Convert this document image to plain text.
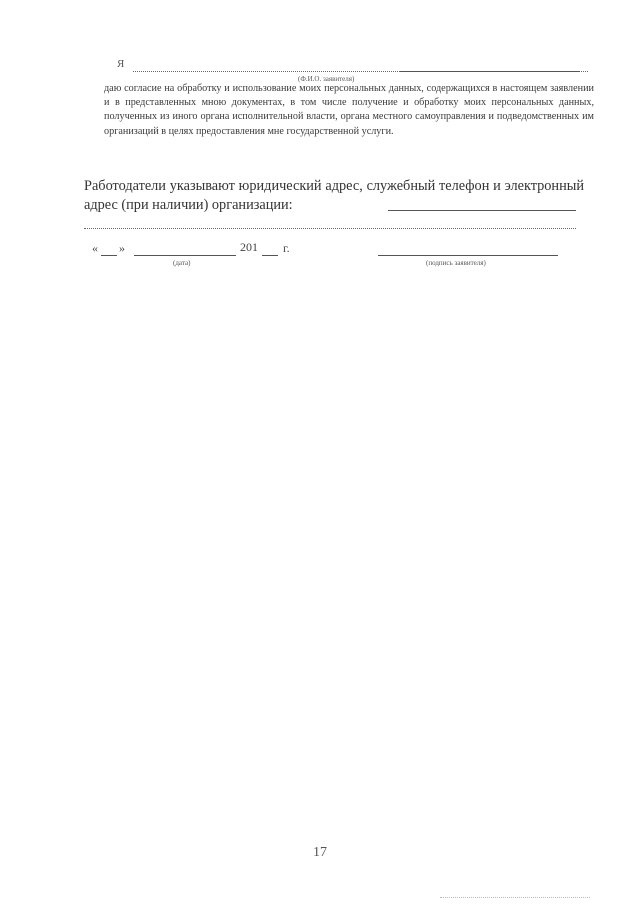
Я
(Ф.И.О. заявителя)
даю согласие на обработку и использование моих персональных данных, содержащихся в настоящем заявлении и в представленных мною документах, в том числе получение и обработку моих персональных данных, полученных из иного органа исполнительной власти, органа местного самоуправления и подведомственных им организаций в целях предоставления мне государственной услуги.
Работодатели указывают юридический адрес, служебный телефон и электронный адрес (при наличии) организации:
« »	201 г.
(дата)	(подпись заявителя)
17
